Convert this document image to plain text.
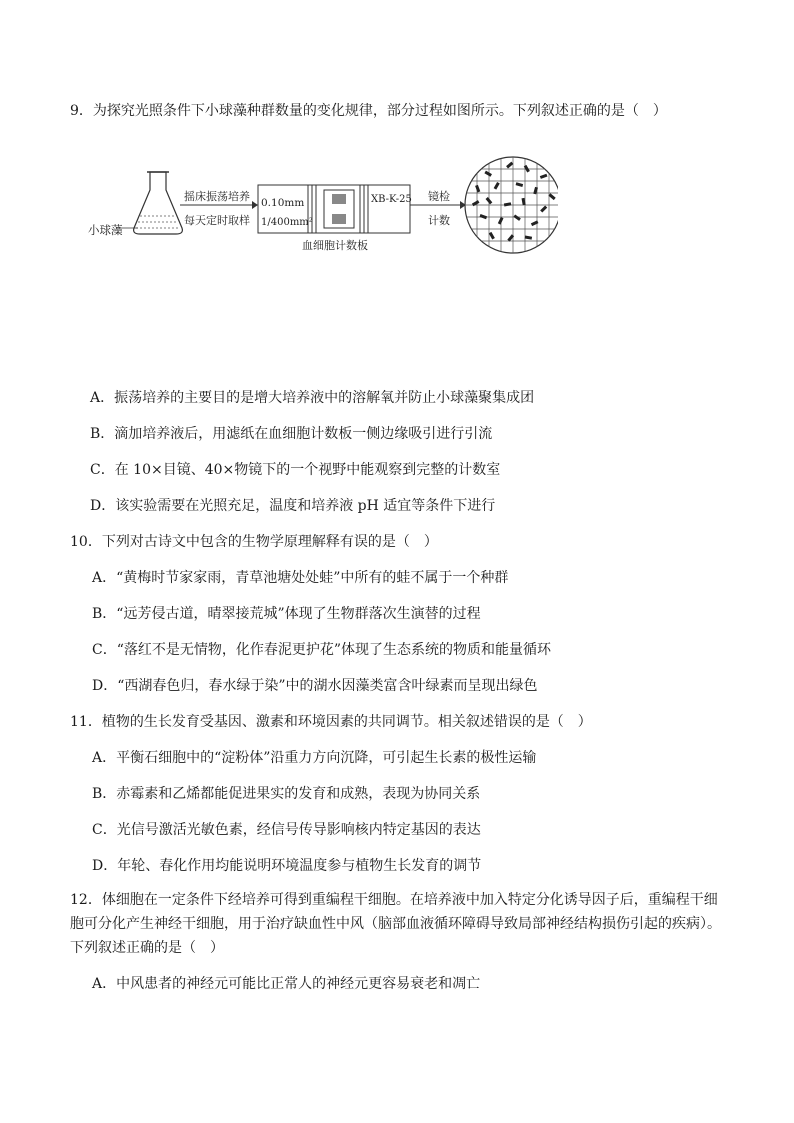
9．为探究光照条件下小球藻种群数量的变化规律，部分过程如图所示。下列叙述正确的是（　）
小球藻
摇床振荡培养
每天定时取样
0.10mm
1/400mm²
XB-K-25
血细胞计数板
镜检
计数
A．振荡培养的主要目的是增大培养液中的溶解氧并防止小球藻聚集成团
B．滴加培养液后，用滤纸在血细胞计数板一侧边缘吸引进行引流
C．在 10×目镜、40×物镜下的一个视野中能观察到完整的计数室
D．该实验需要在光照充足，温度和培养液 pH 适宜等条件下进行
10．下列对古诗文中包含的生物学原理解释有误的是（　）
A．“黄梅时节家家雨，青草池塘处处蛙”中所有的蛙不属于一个种群
B．“远芳侵古道，晴翠接荒城”体现了生物群落次生演替的过程
C．“落红不是无情物，化作春泥更护花”体现了生态系统的物质和能量循环
D．“西湖春色归，春水绿于染”中的湖水因藻类富含叶绿素而呈现出绿色
11．植物的生长发育受基因、激素和环境因素的共同调节。相关叙述错误的是（　）
A．平衡石细胞中的“淀粉体”沿重力方向沉降，可引起生长素的极性运输
B．赤霉素和乙烯都能促进果实的发育和成熟，表现为协同关系
C．光信号激活光敏色素，经信号传导影响核内特定基因的表达
D．年轮、春化作用均能说明环境温度参与植物生长发育的调节
12．体细胞在一定条件下经培养可得到重编程干细胞。在培养液中加入特定分化诱导因子后，重编程干细
胞可分化产生神经干细胞，用于治疗缺血性中风（脑部血液循环障碍导致局部神经结构损伤引起的疾病）。
下列叙述正确的是（　）
A．中风患者的神经元可能比正常人的神经元更容易衰老和凋亡
